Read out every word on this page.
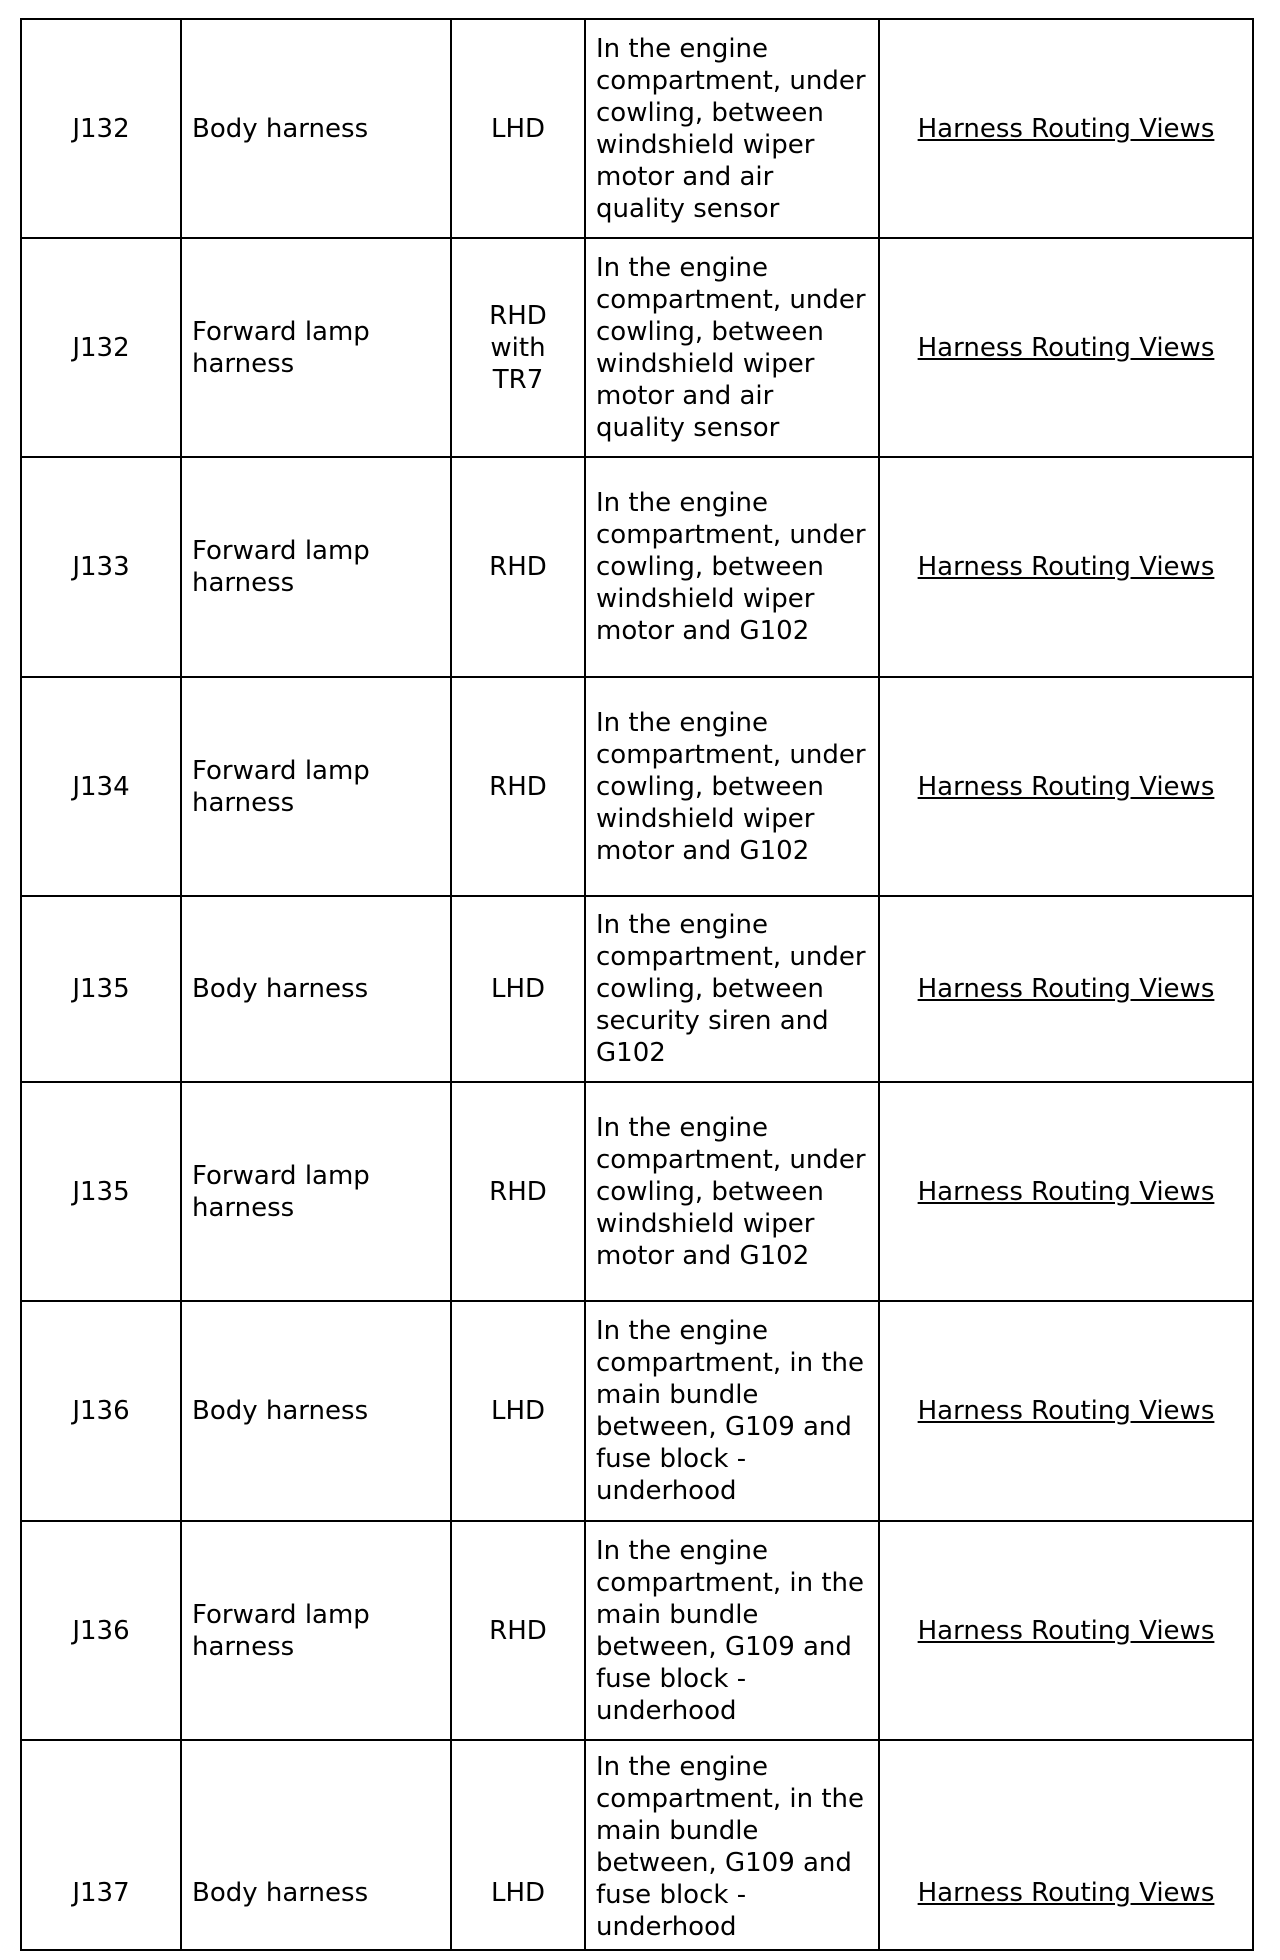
J132	Body harness	LHD	In the engine compartment, under cowling, between windshield wiper motor and air quality sensor	Harness Routing Views
J132	Forward lamp harness	RHD with TR7	In the engine compartment, under cowling, between windshield wiper motor and air quality sensor	Harness Routing Views
J133	Forward lamp harness	RHD	In the engine compartment, under cowling, between windshield wiper motor and G102	Harness Routing Views
J134	Forward lamp harness	RHD	In the engine compartment, under cowling, between windshield wiper motor and G102	Harness Routing Views
J135	Body harness	LHD	In the engine compartment, under cowling, between security siren and G102	Harness Routing Views
J135	Forward lamp harness	RHD	In the engine compartment, under cowling, between windshield wiper motor and G102	Harness Routing Views
J136	Body harness	LHD	In the engine compartment, in the main bundle between, G109 and fuse block - underhood	Harness Routing Views
J136	Forward lamp harness	RHD	In the engine compartment, in the main bundle between, G109 and fuse block - underhood	Harness Routing Views
J137	Body harness	LHD	In the engine compartment, in the main bundle between, G109 and fuse block - underhood	Harness Routing Views
